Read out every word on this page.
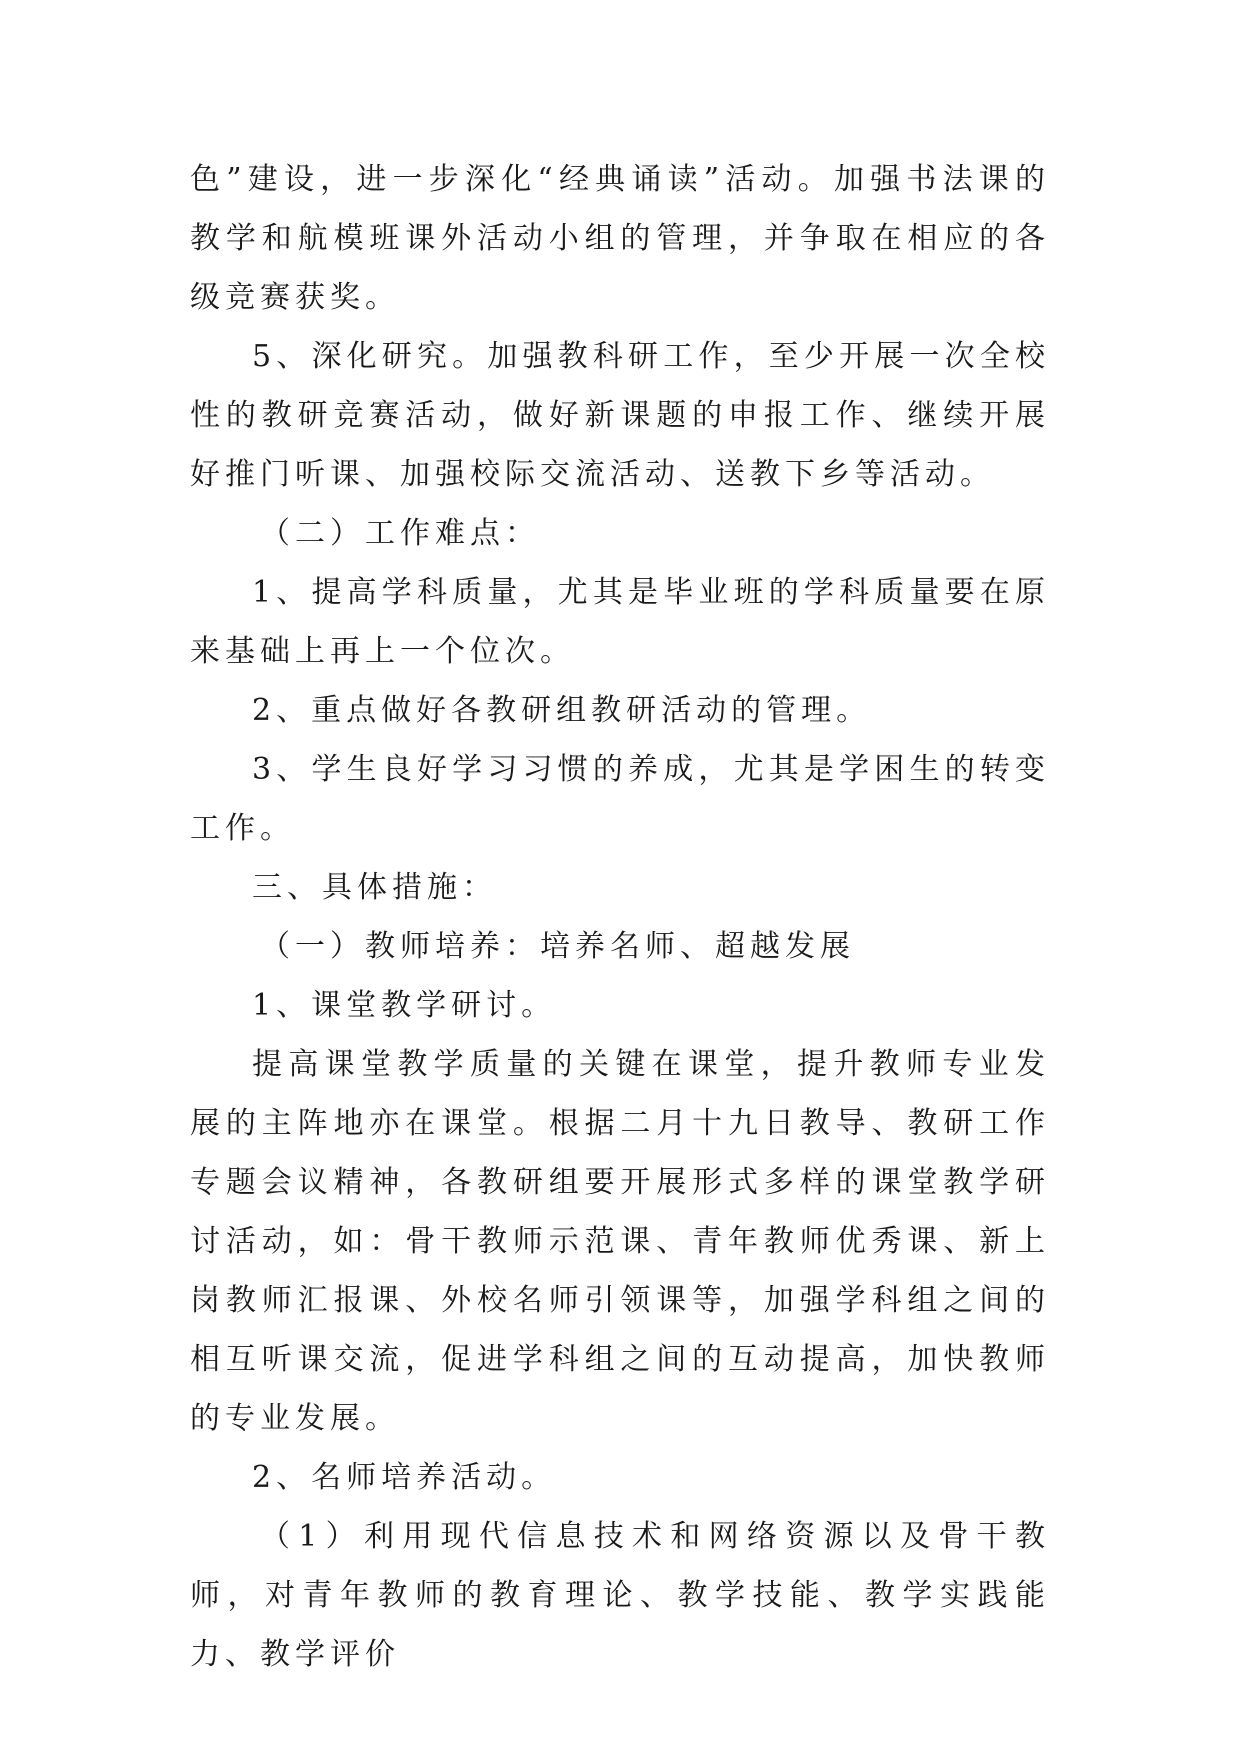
色”建设，进一步深化“经典诵读”活动。加强书法课的教学和航模班课外活动小组的管理，并争取在相应的各级竞赛获奖。

5、深化研究。加强教科研工作，至少开展一次全校性的教研竞赛活动，做好新课题的申报工作、继续开展好推门听课、加强校际交流活动、送教下乡等活动。

（二）工作难点：

1、提高学科质量，尤其是毕业班的学科质量要在原来基础上再上一个位次。

2、重点做好各教研组教研活动的管理。

3、学生良好学习习惯的养成，尤其是学困生的转变工作。

三、具体措施：

（一）教师培养：培养名师、超越发展

1、课堂教学研讨。

提高课堂教学质量的关键在课堂，提升教师专业发展的主阵地亦在课堂。根据二月十九日教导、教研工作专题会议精神，各教研组要开展形式多样的课堂教学研讨活动，如：骨干教师示范课、青年教师优秀课、新上岗教师汇报课、外校名师引领课等，加强学科组之间的相互听课交流，促进学科组之间的互动提高，加快教师的专业发展。

2、名师培养活动。

（1）利用现代信息技术和网络资源以及骨干教师，对青年教师的教育理论、教学技能、教学实践能力、教学评价
